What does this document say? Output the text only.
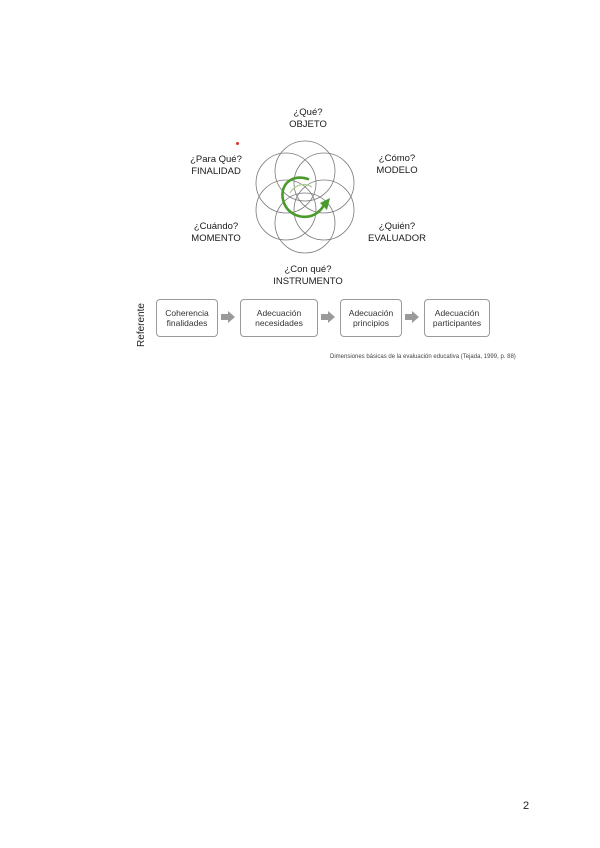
¿Qué?
OBJETO
¿Para Qué?
FINALIDAD
¿Cómo?
MODELO
¿Cuándo?
MOMENTO
¿Quién?
EVALUADOR
¿Con qué?
INSTRUMENTO
Referente	Coherencia
finalidades
Adecuación
necesidades
Adecuación
principios
Adecuación
participantes
Dimensiones básicas de la evaluación educativa (Tejada, 1999, p. 88)
2
